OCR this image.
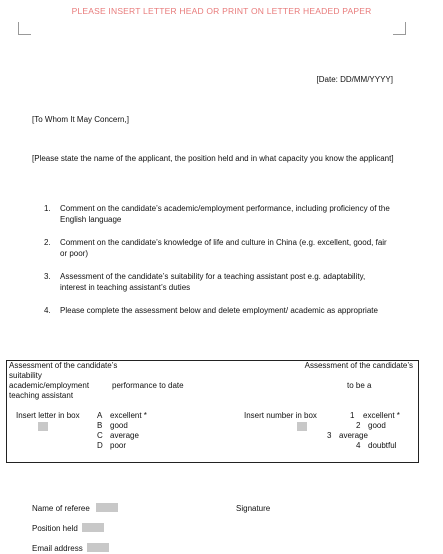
PLEASE INSERT LETTER HEAD OR PRINT ON LETTER HEADED PAPER
[Date: DD/MM/YYYY]
[To Whom It May Concern,]
[Please state the name of the applicant, the position held and in what capacity you know the applicant]
1. Comment on the candidate’s academic/employment performance, including proficiency of the English language
2. Comment on the candidate’s knowledge of life and culture in China (e.g. excellent, good, fair or poor)
3. Assessment of the candidate’s suitability for a teaching assistant post e.g. adaptability, interest in teaching assistant’s duties
4. Please complete the assessment below and delete employment/ academic as appropriate
Assessment of the candidate’s
suitability
academic/employment	performance to date
teaching assistant
Assessment of the candidate’s
to be a
Insert letter in box A excellent *
B good
C average
D poor
Insert number in box	1 excellent *
2 good
3 average
4 doubtful
Name of referee	Signature
Position held
Email address
